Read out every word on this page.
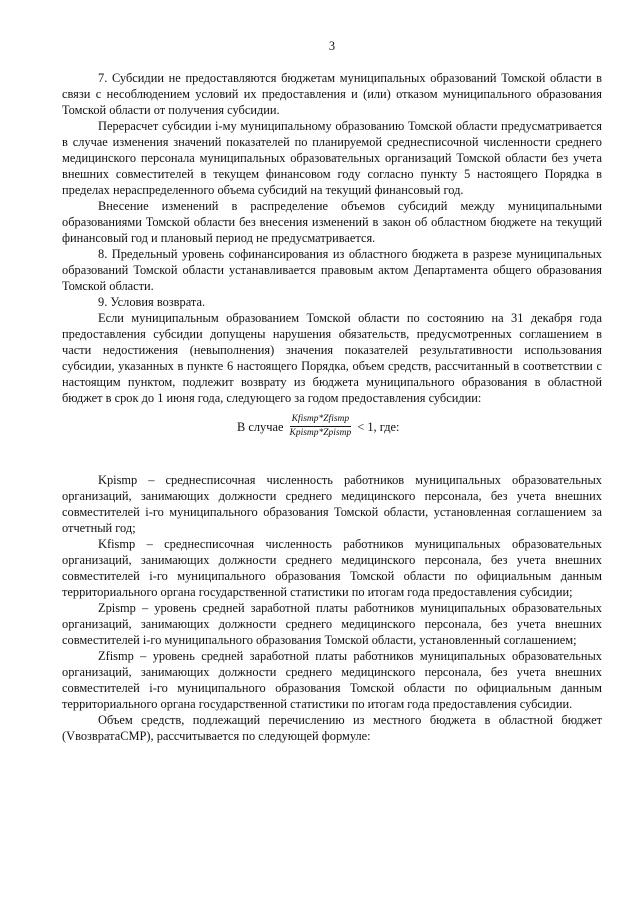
3

7. Субсидии не предоставляются бюджетам муниципальных образований Томской области в связи с несоблюдением условий их предоставления и (или) отказом муниципального образования Томской области от получения субсидии.

Перерасчет субсидии i-му муниципальному образованию Томской области предусматривается в случае изменения значений показателей по планируемой среднесписочной численности среднего медицинского персонала муниципальных образовательных организаций Томской области без учета внешних совместителей в текущем финансовом году согласно пункту 5 настоящего Порядка в пределах нераспределенного объема субсидий на текущий финансовый год.

Внесение изменений в распределение объемов субсидий между муниципальными образованиями Томской области без внесения изменений в закон об областном бюджете на текущий финансовый год и плановый период не предусматривается.

8. Предельный уровень софинансирования из областного бюджета в разрезе муниципальных образований Томской области устанавливается правовым актом Департамента общего образования Томской области.

9. Условия возврата.

Если муниципальным образованием Томской области по состоянию на 31 декабря года предоставления субсидии допущены нарушения обязательств, предусмотренных соглашением в части недостижения (невыполнения) значения показателей результативности использования субсидии, указанных в пункте 6 настоящего Порядка, объем средств, рассчитанный в соответствии с настоящим пунктом, подлежит возврату из бюджета муниципального образования в областной бюджет в срок до 1 июня года, следующего за годом предоставления субсидии:

В случае $\frac{\text{Kfismp*Zfismp}}{\text{Kpismp*Zpismp}} < 1$, где:

Kpismp – среднесписочная численность работников муниципальных образовательных организаций, занимающих должности среднего медицинского персонала, без учета внешних совместителей i-го муниципального образования Томской области, установленная соглашением за отчетный год;

Kfismp – среднесписочная численность работников муниципальных образовательных организаций, занимающих должности среднего медицинского персонала, без учета внешних совместителей i-го муниципального образования Томской области по официальным данным территориального органа государственной статистики по итогам года предоставления субсидии;

Zpismp – уровень средней заработной платы работников муниципальных образовательных организаций, занимающих должности среднего медицинского персонала, без учета внешних совместителей i-го муниципального образования Томской области, установленный соглашением;

Zfismp – уровень средней заработной платы работников муниципальных образовательных организаций, занимающих должности среднего медицинского персонала, без учета внешних совместителей i-го муниципального образования Томской области по официальным данным территориального органа государственной статистики по итогам года предоставления субсидии.

Объем средств, подлежащий перечислению из местного бюджета в областной бюджет (VвозвратаСМР), рассчитывается по следующей формуле:
